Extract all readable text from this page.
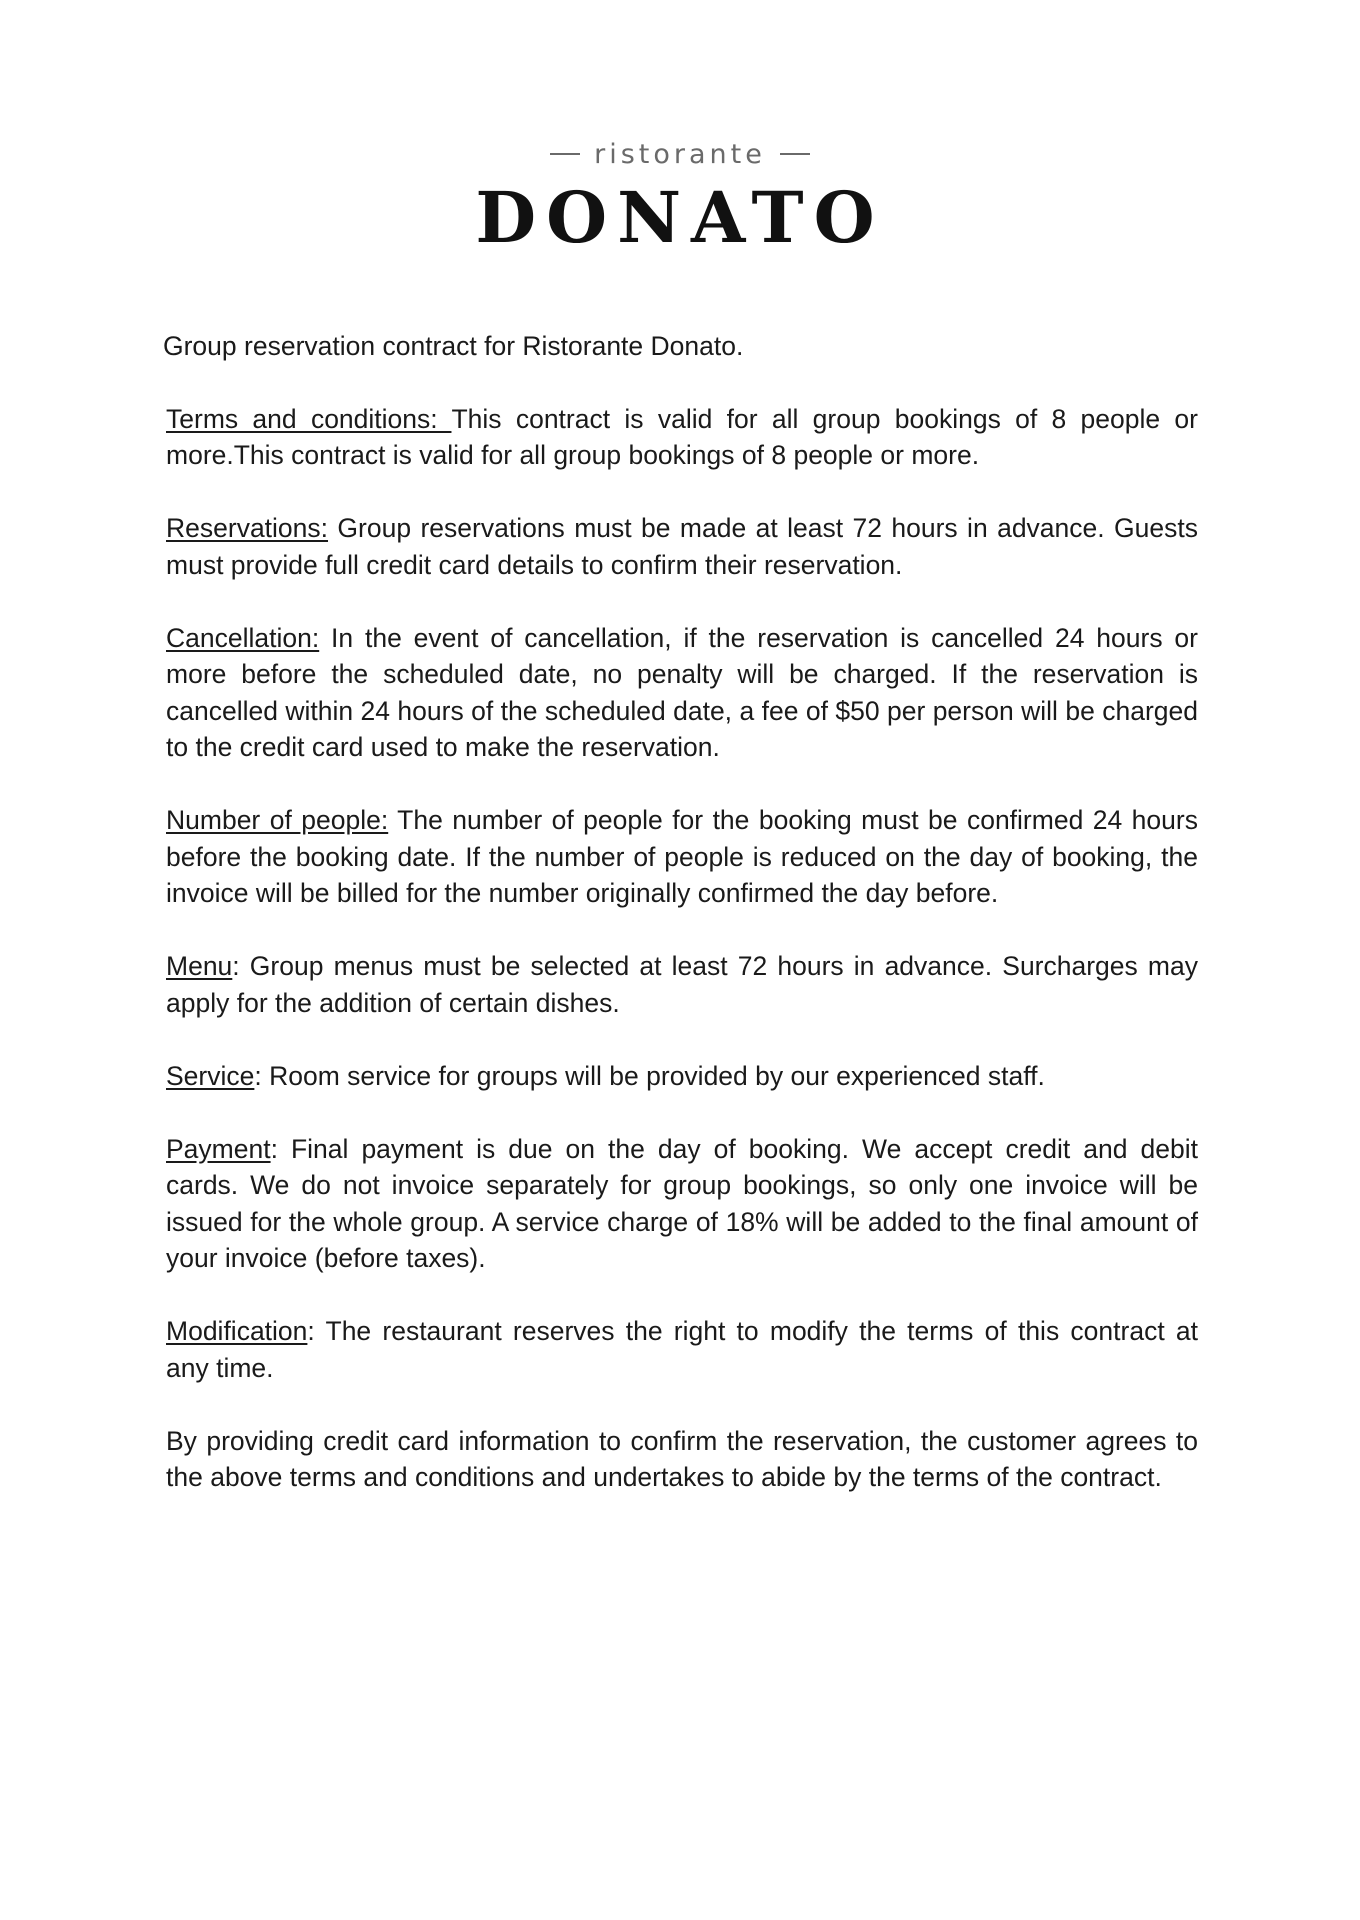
ristorante
DONATO

Group reservation contract for Ristorante Donato.

Terms and conditions: This contract is valid for all group bookings of 8 people or more.This contract is valid for all group bookings of 8 people or more.

Reservations: Group reservations must be made at least 72 hours in advance. Guests must provide full credit card details to confirm their reservation.

Cancellation: In the event of cancellation, if the reservation is cancelled 24 hours or more before the scheduled date, no penalty will be charged. If the reservation is cancelled within 24 hours of the scheduled date, a fee of $50 per person will be charged to the credit card used to make the reservation.

Number of people: The number of people for the booking must be confirmed 24 hours before the booking date. If the number of people is reduced on the day of booking, the invoice will be billed for the number originally confirmed the day before.

Menu: Group menus must be selected at least 72 hours in advance. Surcharges may apply for the addition of certain dishes.

Service: Room service for groups will be provided by our experienced staff.

Payment: Final payment is due on the day of booking. We accept credit and debit cards. We do not invoice separately for group bookings, so only one invoice will be issued for the whole group. A service charge of 18% will be added to the final amount of your invoice (before taxes).

Modification: The restaurant reserves the right to modify the terms of this contract at any time.

By providing credit card information to confirm the reservation, the customer agrees to the above terms and conditions and undertakes to abide by the terms of the contract.
